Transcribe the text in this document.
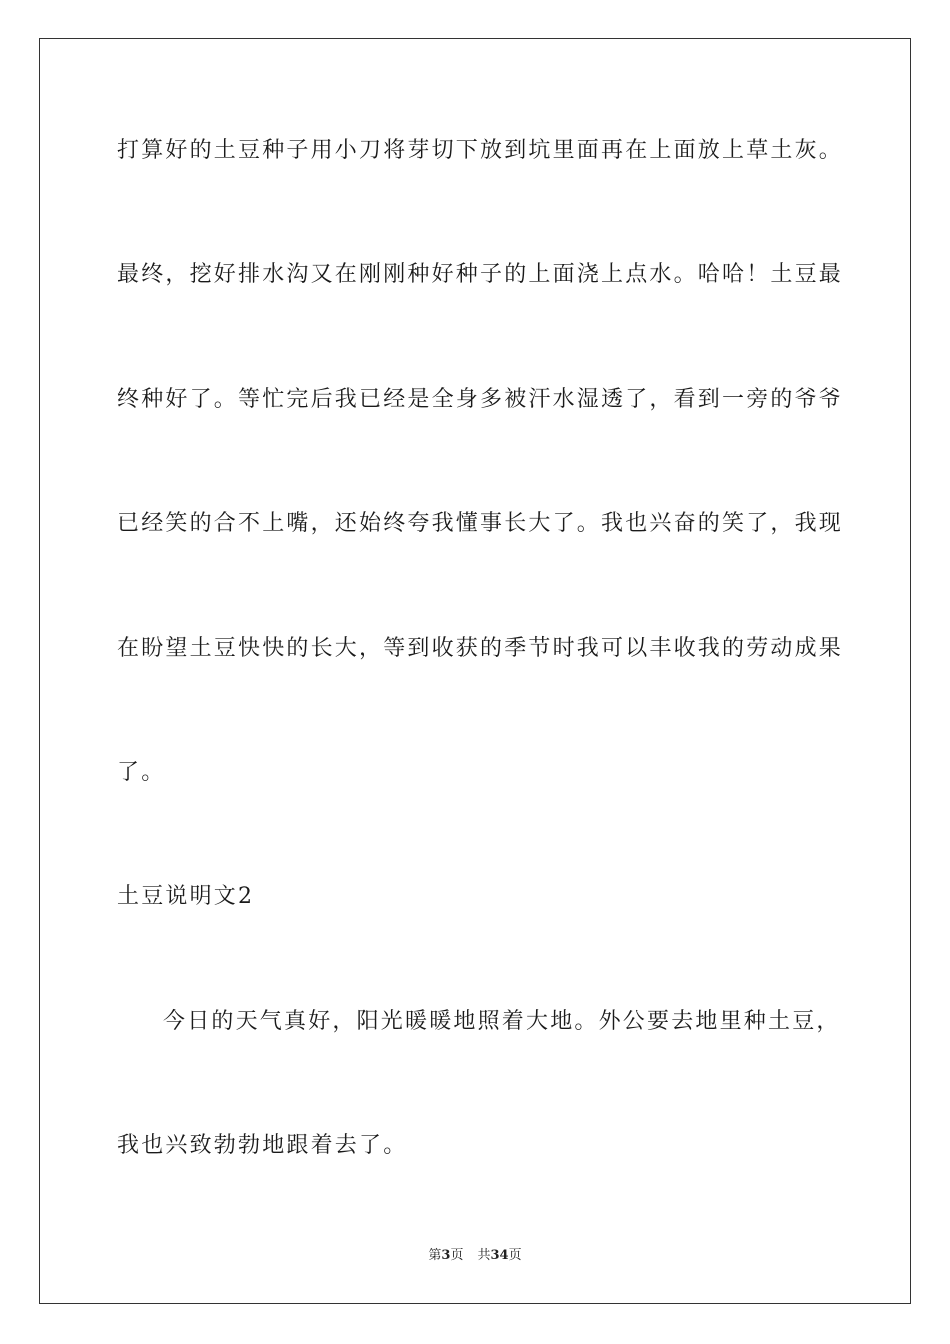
打算好的土豆种子用小刀将芽切下放到坑里面再在上面放上草土灰。
最终，挖好排水沟又在刚刚种好种子的上面浇上点水。哈哈！土豆最
终种好了。等忙完后我已经是全身多被汗水湿透了，看到一旁的爷爷
已经笑的合不上嘴，还始终夸我懂事长大了。我也兴奋的笑了，我现
在盼望土豆快快的长大，等到收获的季节时我可以丰收我的劳动成果
了。
土豆说明文2
今日的天气真好，阳光暖暖地照着大地。外公要去地里种土豆，
我也兴致勃勃地跟着去了。
第3页 共34页
